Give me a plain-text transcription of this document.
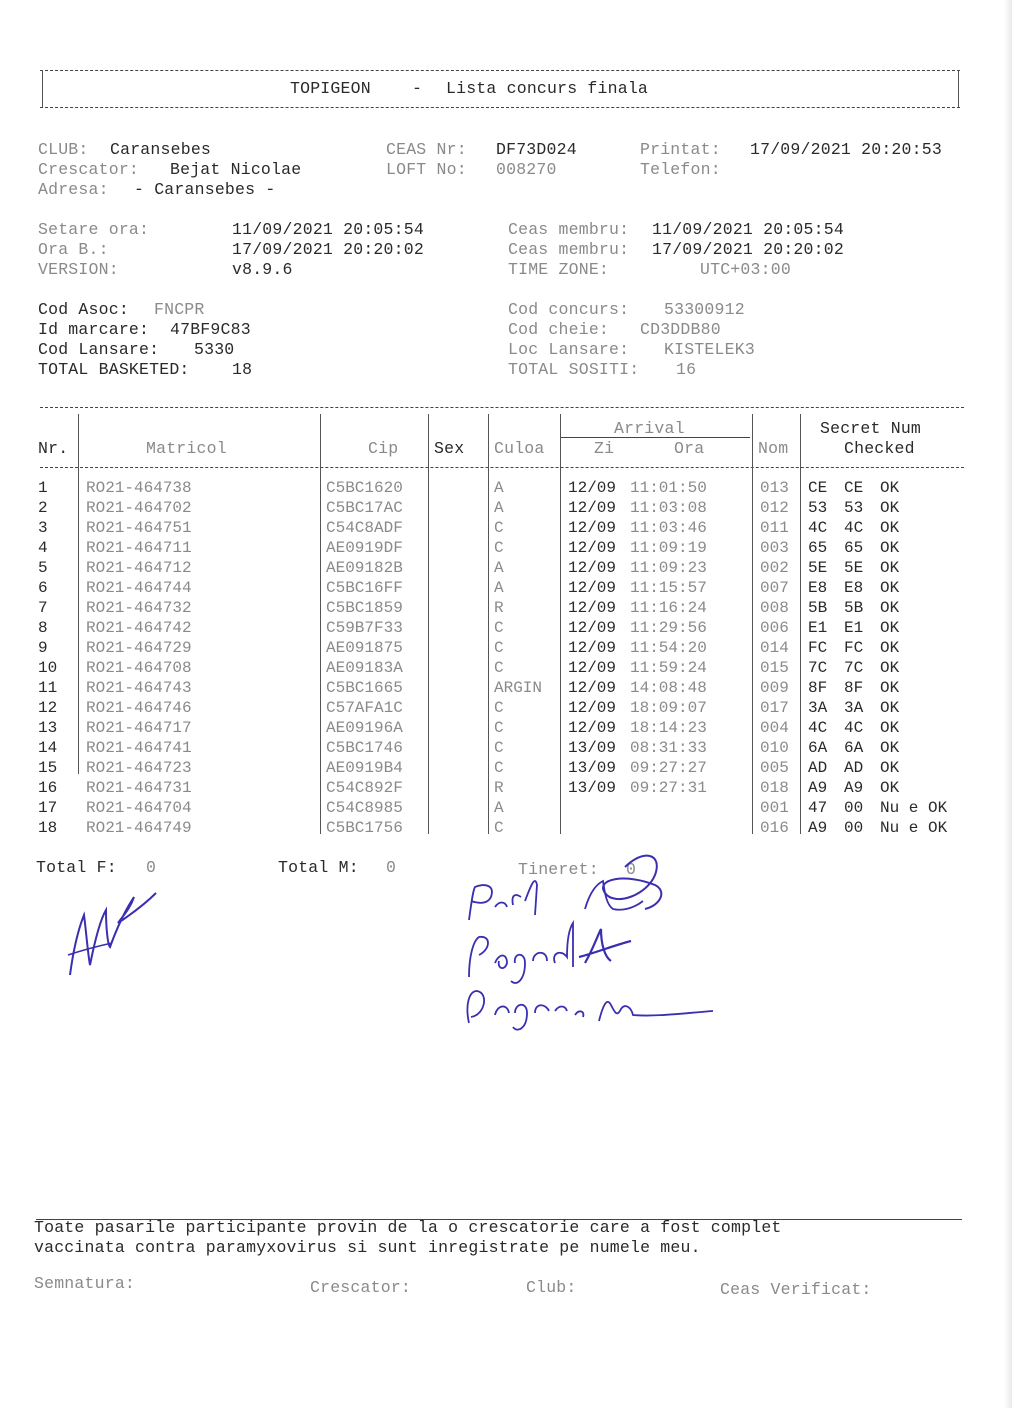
TOPIGEON - Lista concurs finala
CLUB: Caransebes	CEAS Nr: DF73D024	Printat: 17/09/2021 20:20:53
Crescator: Bejat Nicolae	LOFT No: 008270	Telefon:
Adresa: - Caransebes -
Setare ora:	11/09/2021 20:05:54	Ceas membru: 11/09/2021 20:05:54
Ora B.:	17/09/2021 20:20:02	Ceas membru: 17/09/2021 20:20:02
VERSION:	v8.9.6	TIME ZONE:	UTC+03:00
Cod Asoc: FNCPR	Cod concurs: 53300912
Id marcare: 47BF9C83	Cod cheie: CD3DDB80
Cod Lansare: 5330	Loc Lansare: KISTELEK3
TOTAL BASKETED:	18	TOTAL SOSITI: 16
Nr.	Matricol	Cip Sex Culoa
Arrival
Zi	Ora	Nom
Secret Num
Checked
1 RO21-464738	C5BC1620	A	12/09 11:01:50	013 CE CE OK
2 RO21-464702	C5BC17AC	A	12/09 11:03:08	012 53 53 OK
3 RO21-464751	C54C8ADF	C	12/09 11:03:46	011 4C 4C OK
4 RO21-464711	AE0919DF	C	12/09 11:09:19	003 65 65 OK
5 RO21-464712	AE09182B	A	12/09 11:09:23	002 5E 5E OK
6 RO21-464744	C5BC16FF	A	12/09 11:15:57	007 E8 E8 OK
7 RO21-464732	C5BC1859	R	12/09 11:16:24	008 5B 5B OK
8 RO21-464742	C59B7F33	C	12/09 11:29:56	006 E1 E1 OK
9 RO21-464729	AE091875	C	12/09 11:54:20	014 FC FC OK
10 RO21-464708	AE09183A	C	12/09 11:59:24	015 7C 7C OK
11 RO21-464743	C5BC1665	ARGIN 12/09 14:08:48	009 8F 8F OK
12 RO21-464746	C57AFA1C	C	12/09 18:09:07	017 3A 3A OK
13 RO21-464717	AE09196A	C	12/09 18:14:23	004 4C 4C OK
14 RO21-464741	C5BC1746	C	13/09 08:31:33	010 6A 6A OK
15 RO21-464723	AE0919B4	C	13/09 09:27:27	005 AD AD OK
16 RO21-464731	C54C892F	R	13/09 09:27:31	018 A9 A9 OK
17 RO21-464704	C54C8985	A	001 47 00 Nu e OK
18 RO21-464749	C5BC1756	C	016 A9 00 Nu e OK
Total F: 0	Total M: 0	Tineret: 0
Toate pasarile participante provin de la o crescatorie care a fost complet
vaccinata contra paramyxovirus si sunt inregistrate pe numele meu.
Semnatura:	Crescator:	Club:	Ceas Verificat:
